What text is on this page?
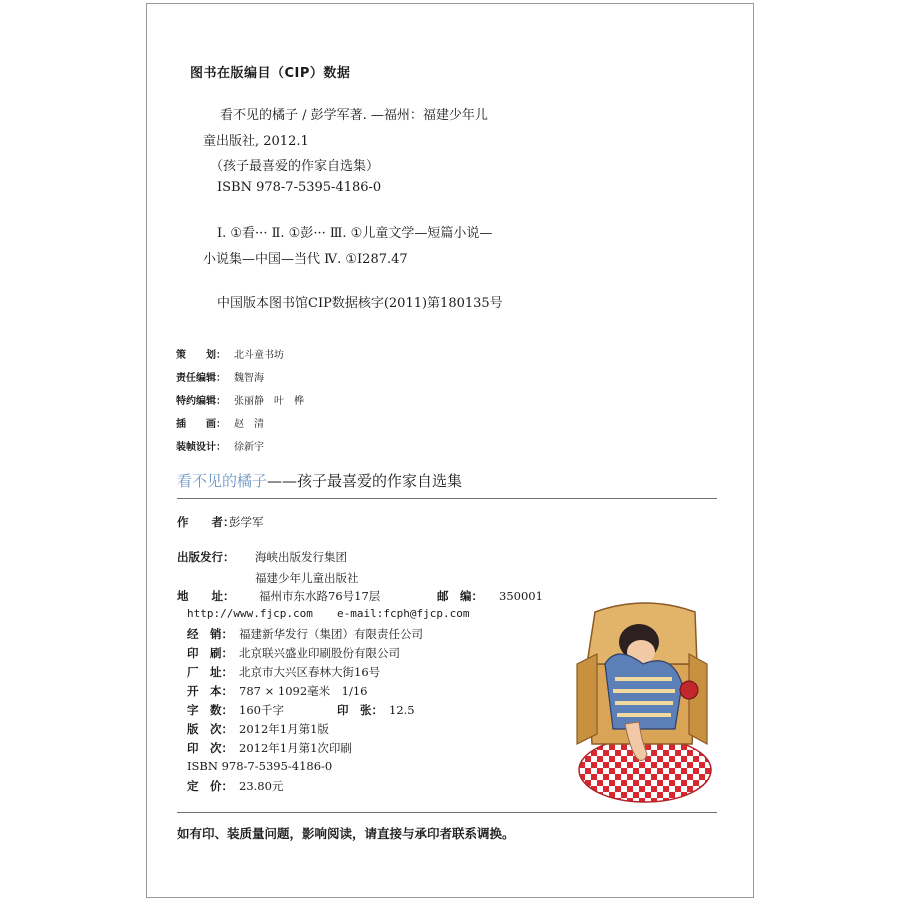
图书在版编目（CIP）数据
看不见的橘子 / 彭学军著. —福州：福建少年儿
童出版社, 2012.1
（孩子最喜爱的作家自选集）
ISBN 978-7-5395-4186-0
Ⅰ. ①看··· Ⅱ. ①彭··· Ⅲ. ①儿童文学—短篇小说—
小说集—中国—当代 Ⅳ. ①I287.47
中国版本图书馆CIP数据核字(2011)第180135号
策　　划： 北斗童书坊
责任编辑： 魏智海
特约编辑： 张丽静　叶　桦
插　　画： 赵　清
装帧设计： 徐新宇
看不见的橘子——孩子最喜爱的作家自选集
作　　者：彭学军
出版发行： 海峡出版发行集团
福建少年儿童出版社
地　　址： 福州市东水路76号17层	邮　编： 350001
http://www.fjcp.com e-mail:fcph@fjcp.com
经　销： 福建新华发行（集团）有限责任公司
印　刷： 北京联兴盛业印刷股份有限公司
厂　址： 北京市大兴区春林大街16号
开　本： 787 × 1092毫米　1/16
字　数： 160千字	印　张： 12.5
版　次： 2012年1月第1版
印　次： 2012年1月第1次印刷
ISBN 978-7-5395-4186-0
定　价： 23.80元
如有印、装质量问题，影响阅读，请直接与承印者联系调换。
